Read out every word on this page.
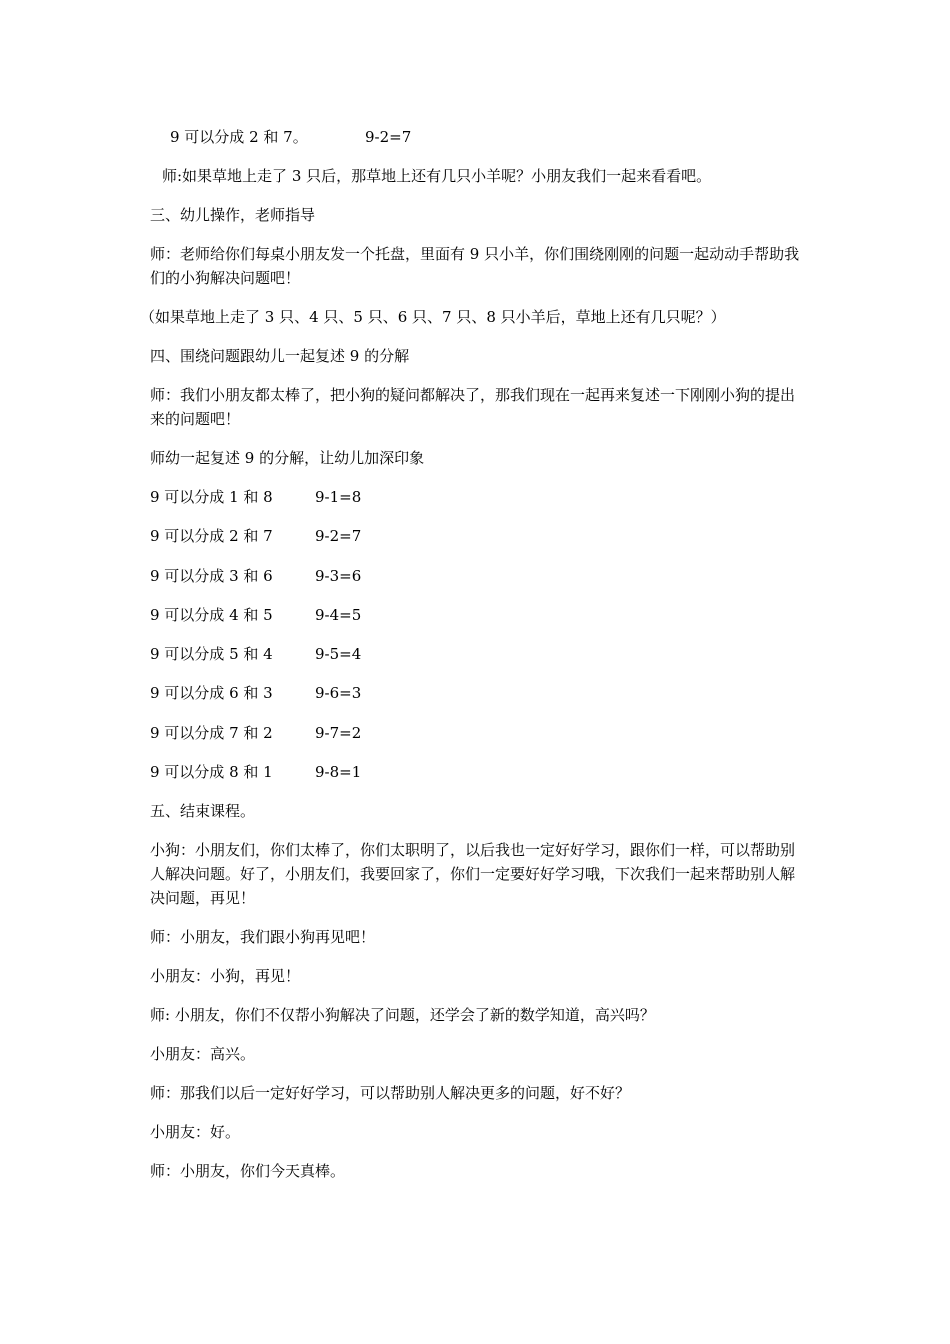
9 可以分成 2 和 7。	9-2=7

师:如果草地上走了 3 只后，那草地上还有几只小羊呢？小朋友我们一起来看看吧。

三、幼儿操作，老师指导

师：老师给你们每桌小朋友发一个托盘，里面有 9 只小羊，你们围绕刚刚的问题一起动动手帮助我们的小狗解决问题吧！

（如果草地上走了 3 只、4 只、5 只、6 只、7 只、8 只小羊后，草地上还有几只呢？）

四、围绕问题跟幼儿一起复述 9 的分解

师：我们小朋友都太棒了，把小狗的疑问都解决了，那我们现在一起再来复述一下刚刚小狗的提出来的问题吧！

师幼一起复述 9 的分解，让幼儿加深印象

9 可以分成 1 和 8	9-1=8
9 可以分成 2 和 7	9-2=7
9 可以分成 3 和 6	9-3=6
9 可以分成 4 和 5	9-4=5
9 可以分成 5 和 4	9-5=4
9 可以分成 6 和 3	9-6=3
9 可以分成 7 和 2	9-7=2
9 可以分成 8 和 1	9-8=1

五、结束课程。

小狗：小朋友们，你们太棒了，你们太职明了，以后我也一定好好学习，跟你们一样，可以帮助别人解决问题。好了，小朋友们，我要回家了，你们一定要好好学习哦，下次我们一起来帮助别人解决问题，再见！

师：小朋友，我们跟小狗再见吧！

小朋友：小狗，再见！

师: 小朋友，你们不仅帮小狗解决了问题，还学会了新的数学知道，高兴吗？

小朋友：高兴。

师：那我们以后一定好好学习，可以帮助别人解决更多的问题，好不好？

小朋友：好。

师：小朋友，你们今天真棒。
